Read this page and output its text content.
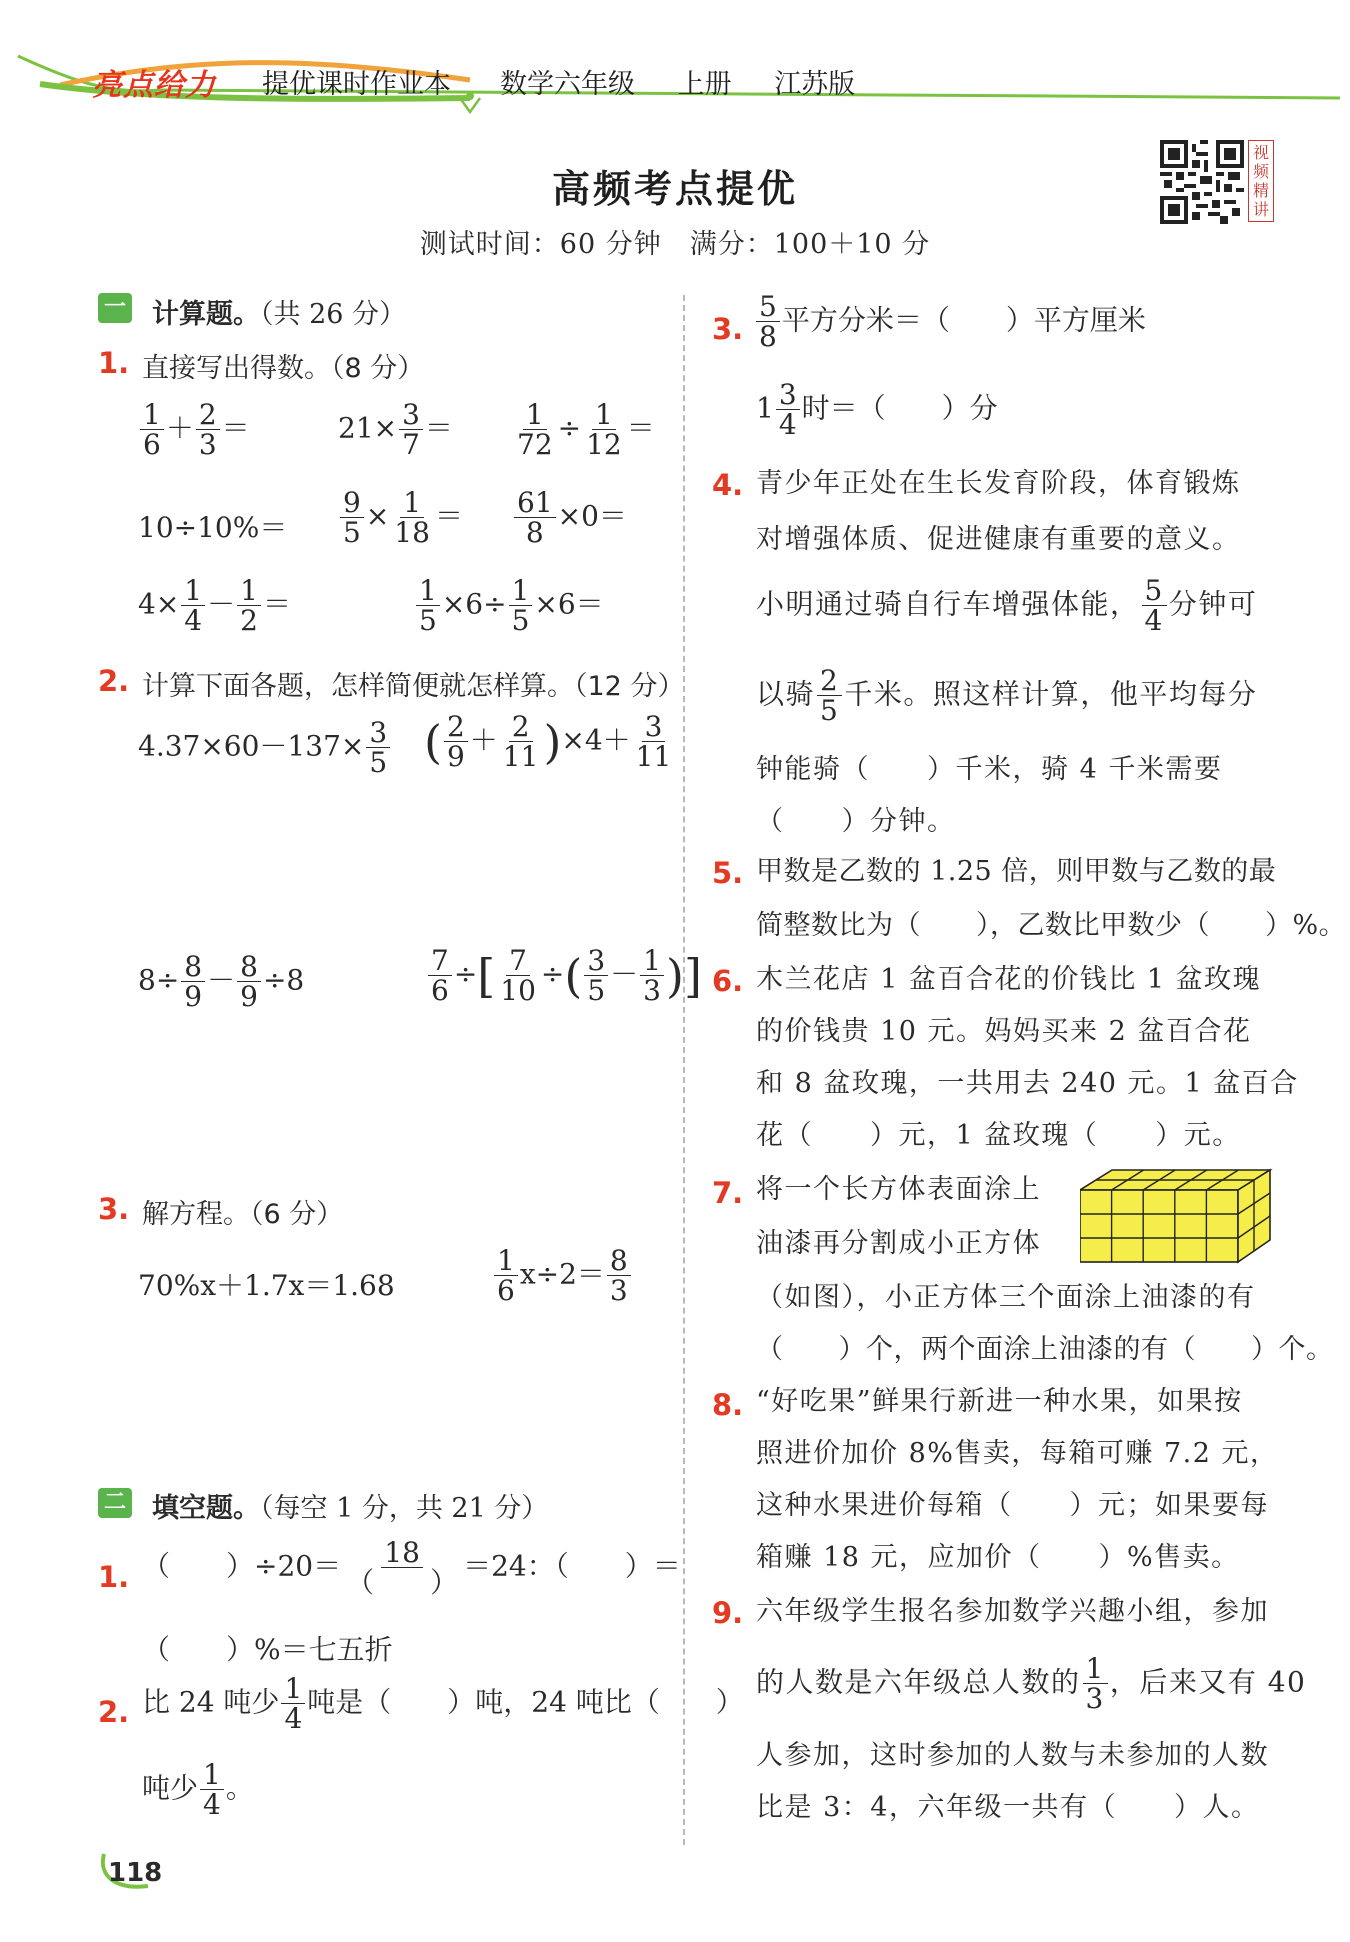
亮点给力 提优课时作业本 数学六年级 上册 江苏版
视频精讲
高频考点提优
测试时间：60 分钟　满分：100＋10 分
一 计算题。（共 26 分）
1. 直接写出得数。（8 分）
$\frac{1}{6} + \frac{2}{3}$ ＝	$21\times \frac{3}{7} = \frac{1}{72} \div \frac{1}{12}$ ＝
$10\div 10\%= \frac{9}{5} \times \frac{1}{18} = \frac{61}{8} \times 0=$
$4\times \frac{1}{4} - \frac{1}{2}$ ＝	$\frac{1}{5} \times 6\div \frac{1}{5} \times 6=$
2. 计算下面各题，怎样简便就怎样算。（12 分）
$4.37\times 60-137\times \frac{3}{5}$ ( $\frac{2}{9} + \frac{2}{11} )\times 4+ \frac{3}{11}$
$8\div \frac{8}{9} - \frac{8}{9} \div 8$	$\frac{7}{6}$ ÷[ $\frac{7}{10}$ ÷( $\frac{3}{5} - \frac{1}{3}$ )]
3. 解方程。（6 分）
70%x＋1.7x＝1.68	$\frac{1}{6} x\div 2= \frac{8}{3}$
二 填空题。（每空 1 分，共 21 分）
1. （　　）$\div 20= \frac{18}{( )} =24$：（　　）＝
（　　）%＝七五折
2. 比 24 吨少 $\frac{1}{4}$ 吨是（　　）吨，24 吨比（　　）
吨少 $\frac{1}{4}$ 。
3. $\frac{5}{8}$ 平方分米＝（　　）平方厘米
$1 \frac{3}{4}$ 时＝（　　）分
4. 青少年正处在生长发育阶段，体育锻炼
对增强体质、促进健康有重要的意义。
小明通过骑自行车增强体能， $\frac{5}{4}$ 分钟可
以骑 $\frac{2}{5}$ 千米。照这样计算，他平均每分
钟能骑（　　）千米，骑 4 千米需要
（　　）分钟。
5. 甲数是乙数的 1.25 倍，则甲数与乙数的最
简整数比为（　　），乙数比甲数少（　　）%。
6. 木兰花店 1 盆百合花的价钱比 1 盆玫瑰
的价钱贵 10 元。妈妈买来 2 盆百合花
和 8 盆玫瑰，一共用去 240 元。1 盆百合
花（　　）元，1 盆玫瑰（　　）元。
7. 将一个长方体表面涂上
油漆再分割成小正方体
（如图），小正方体三个面涂上油漆的有
（　　）个，两个面涂上油漆的有（　　）个。
8. “好吃果”鲜果行新进一种水果，如果按
照进价加价 8%售卖，每箱可赚 7.2 元，
这种水果进价每箱（　　）元；如果要每
箱赚 18 元，应加价（　　）%售卖。
9. 六年级学生报名参加数学兴趣小组，参加
的人数是六年级总人数的 $\frac{1}{3}$ ，后来又有 40
人参加，这时参加的人数与未参加的人数
比是 3：4，六年级一共有（　　）人。
118
